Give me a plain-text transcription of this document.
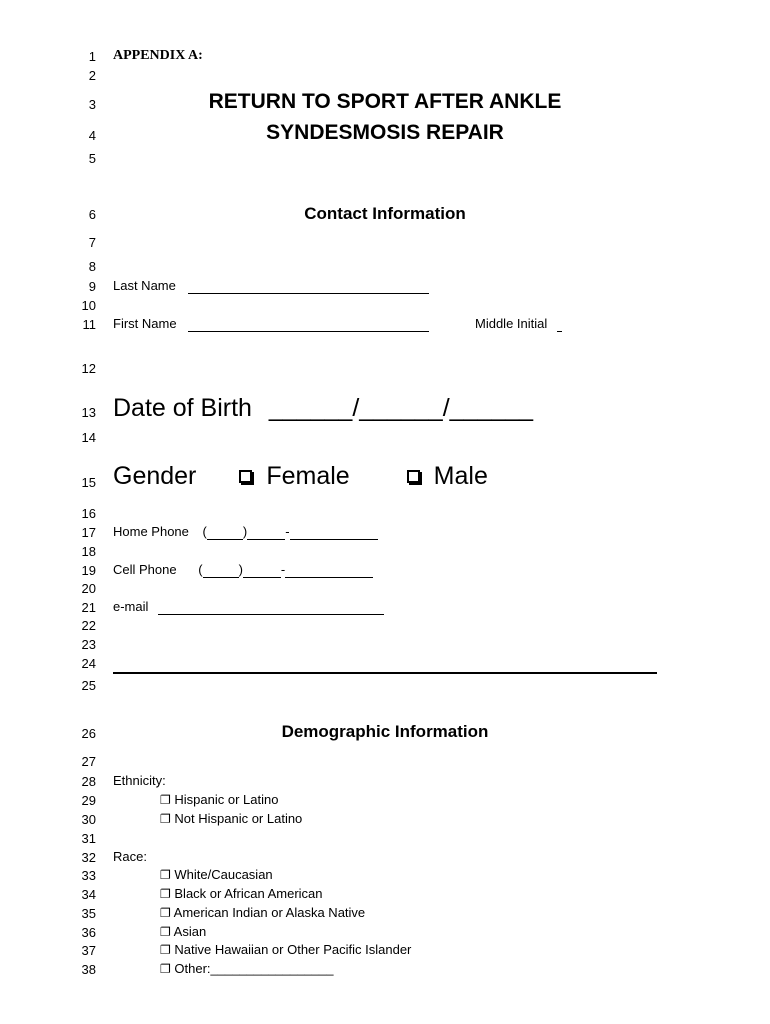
1
2
3
4
5
6
7
8
9
10
11
12
13
14
15
16
17
18
19
20
21
22
23
24
25
26
27
28
29
30
31
32
33
34
35
36
37
38
APPENDIX A:
RETURN TO SPORT AFTER ANKLE
SYNDESMOSIS REPAIR
Contact Information
Last Name
First Name	Middle Initial
Date of Birth ______/______/______
Gender	Female	Male
Home Phone (	)	-
Cell Phone (	)	-
e-mail
Demographic Information
Ethnicity:
❐ Hispanic or Latino
❐ Not Hispanic or Latino
Race:
❐ White/Caucasian
❐ Black or African American
❐ American Indian or Alaska Native
❐ Asian
❐ Native Hawaiian or Other Pacific Islander
❐ Other:_________________
